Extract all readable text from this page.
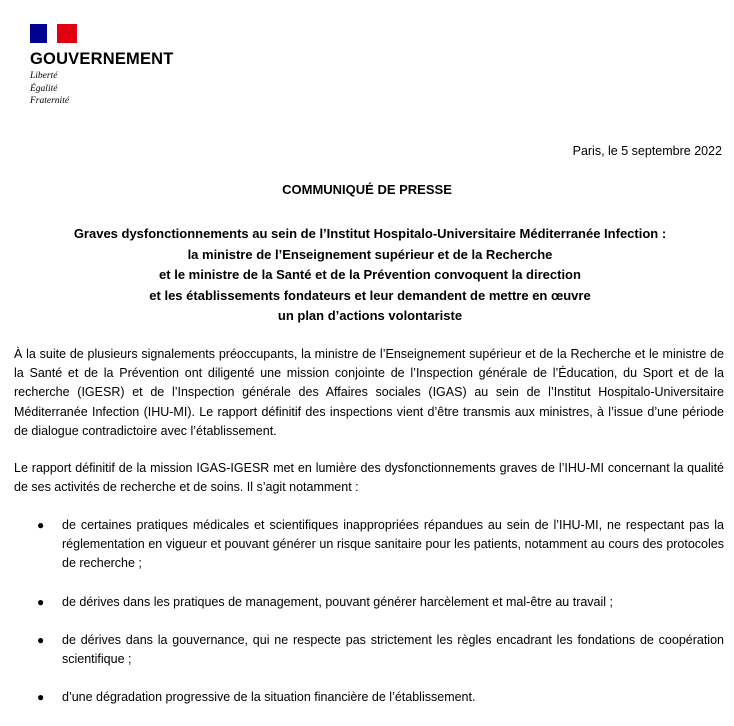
GOUVERNEMENT
Liberté
Égalité
Fraternité
Paris, le 5 septembre 2022
COMMUNIQUÉ DE PRESSE
Graves dysfonctionnements au sein de l’Institut Hospitalo-Universitaire Méditerranée Infection :
la ministre de l’Enseignement supérieur et de la Recherche
et le ministre de la Santé et de la Prévention convoquent la direction
et les établissements fondateurs et leur demandent de mettre en œuvre
un plan d’actions volontariste
À la suite de plusieurs signalements préoccupants, la ministre de l’Enseignement supérieur et de la Recherche et le ministre de la Santé et de la Prévention ont diligenté une mission conjointe de l’Inspection générale de l’Éducation, du Sport et de la recherche (IGESR) et de l’Inspection générale des Affaires sociales (IGAS) au sein de l’Institut Hospitalo-Universitaire Méditerranée Infection (IHU-MI). Le rapport définitif des inspections vient d’être transmis aux ministres, à l’issue d’une période de dialogue contradictoire avec l’établissement.
Le rapport définitif de la mission IGAS-IGESR met en lumière des dysfonctionnements graves de l’IHU-MI concernant la qualité de ses activités de recherche et de soins. Il s’agit notamment :
● de certaines pratiques médicales et scientifiques inappropriées répandues au sein de l’IHU-MI, ne respectant pas la réglementation en vigueur et pouvant générer un risque sanitaire pour les patients, notamment au cours des protocoles de recherche ;
● de dérives dans les pratiques de management, pouvant générer harcèlement et mal-être au travail ;
● de dérives dans la gouvernance, qui ne respecte pas strictement les règles encadrant les fondations de coopération scientifique ;
● d’une dégradation progressive de la situation financière de l’établissement.
